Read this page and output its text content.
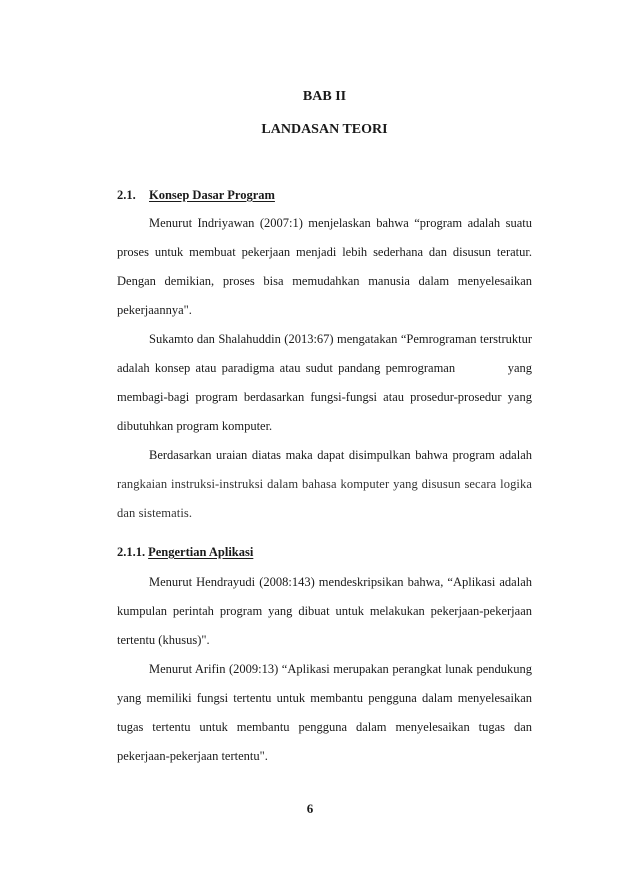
BAB II
LANDASAN TEORI
2.1. Konsep Dasar Program
Menurut Indriyawan (2007:1) menjelaskan bahwa “program adalah suatu
proses untuk membuat pekerjaan menjadi lebih sederhana dan disusun teratur.
Dengan demikian, proses bisa memudahkan manusia dalam menyelesaikan
pekerjaannya".
Sukamto dan Shalahuddin (2013:67) mengatakan “Pemrograman terstruktur
adalah konsep atau paradigma atau sudut pandang pemrograman          yang
membagi-bagi program berdasarkan fungsi-fungsi atau prosedur-prosedur yang
dibutuhkan program komputer.
Berdasarkan uraian diatas maka dapat disimpulkan bahwa program adalah
rangkaian instruksi-instruksi dalam bahasa komputer yang disusun secara logika
dan sistematis.
2.1.1. Pengertian Aplikasi
Menurut Hendrayudi (2008:143) mendeskripsikan bahwa, “Aplikasi adalah
kumpulan perintah program yang dibuat untuk melakukan pekerjaan-pekerjaan
tertentu (khusus)".
Menurut Arifin (2009:13) “Aplikasi merupakan perangkat lunak pendukung
yang memiliki fungsi tertentu untuk membantu pengguna dalam menyelesaikan
tugas tertentu untuk membantu pengguna dalam menyelesaikan tugas dan
pekerjaan-pekerjaan tertentu".
6
